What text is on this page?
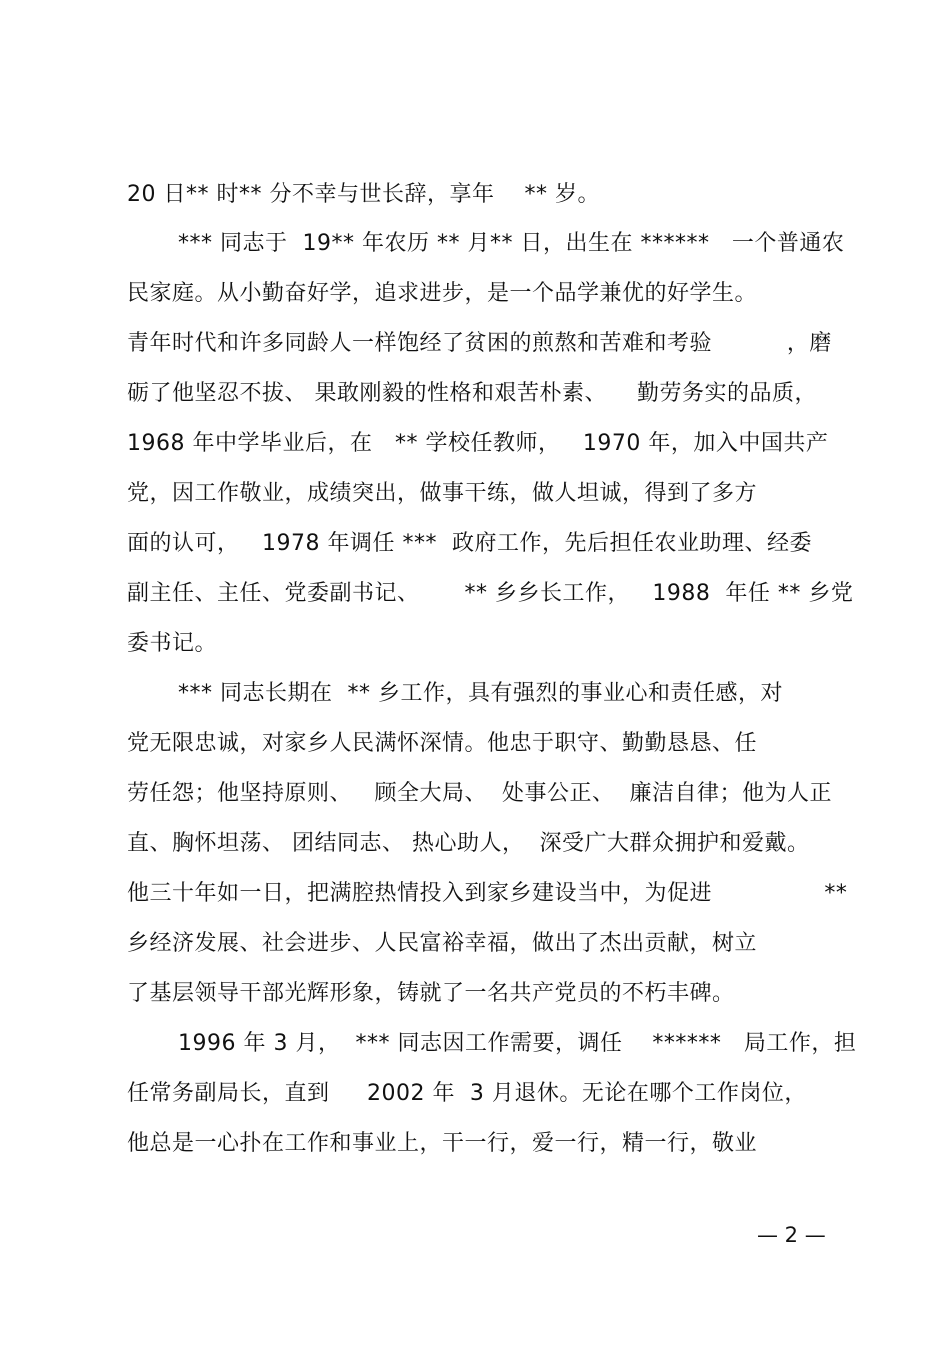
20 日** 时** 分不幸与世长辞，享年    ** 岁。
*** 同志于  19** 年农历 ** 月** 日，出生在 ******   一个普通农
民家庭。从小勤奋好学，追求进步，是一个品学兼优的好学生。
青年时代和许多同龄人一样饱经了贫困的煎熬和苦难和考验          ，磨
砺了他坚忍不拔、 果敢刚毅的性格和艰苦朴素、    勤劳务实的品质，
1968 年中学毕业后，在   ** 学校任教师，   1970 年，加入中国共产
党，因工作敬业，成绩突出，做事干练，做人坦诚，得到了多方
面的认可，   1978 年调任 ***  政府工作，先后担任农业助理、经委
副主任、主任、党委副书记、      ** 乡乡长工作，   1988  年任 ** 乡党
委书记。
*** 同志长期在  ** 乡工作，具有强烈的事业心和责任感，对
党无限忠诚，对家乡人民满怀深情。他忠于职守、勤勤恳恳、任
劳任怨；他坚持原则、   顾全大局、  处事公正、  廉洁自律；他为人正
直、胸怀坦荡、 团结同志、 热心助人，  深受广大群众拥护和爱戴。
他三十年如一日，把满腔热情投入到家乡建设当中，为促进               **
乡经济发展、社会进步、人民富裕幸福，做出了杰出贡献，树立
了基层领导干部光辉形象，铸就了一名共产党员的不朽丰碑。
1996 年 3 月，  *** 同志因工作需要，调任    ******   局工作，担
任常务副局长，直到     2002 年  3 月退休。无论在哪个工作岗位，
他总是一心扑在工作和事业上，干一行，爱一行，精一行，敬业
— 2 —
